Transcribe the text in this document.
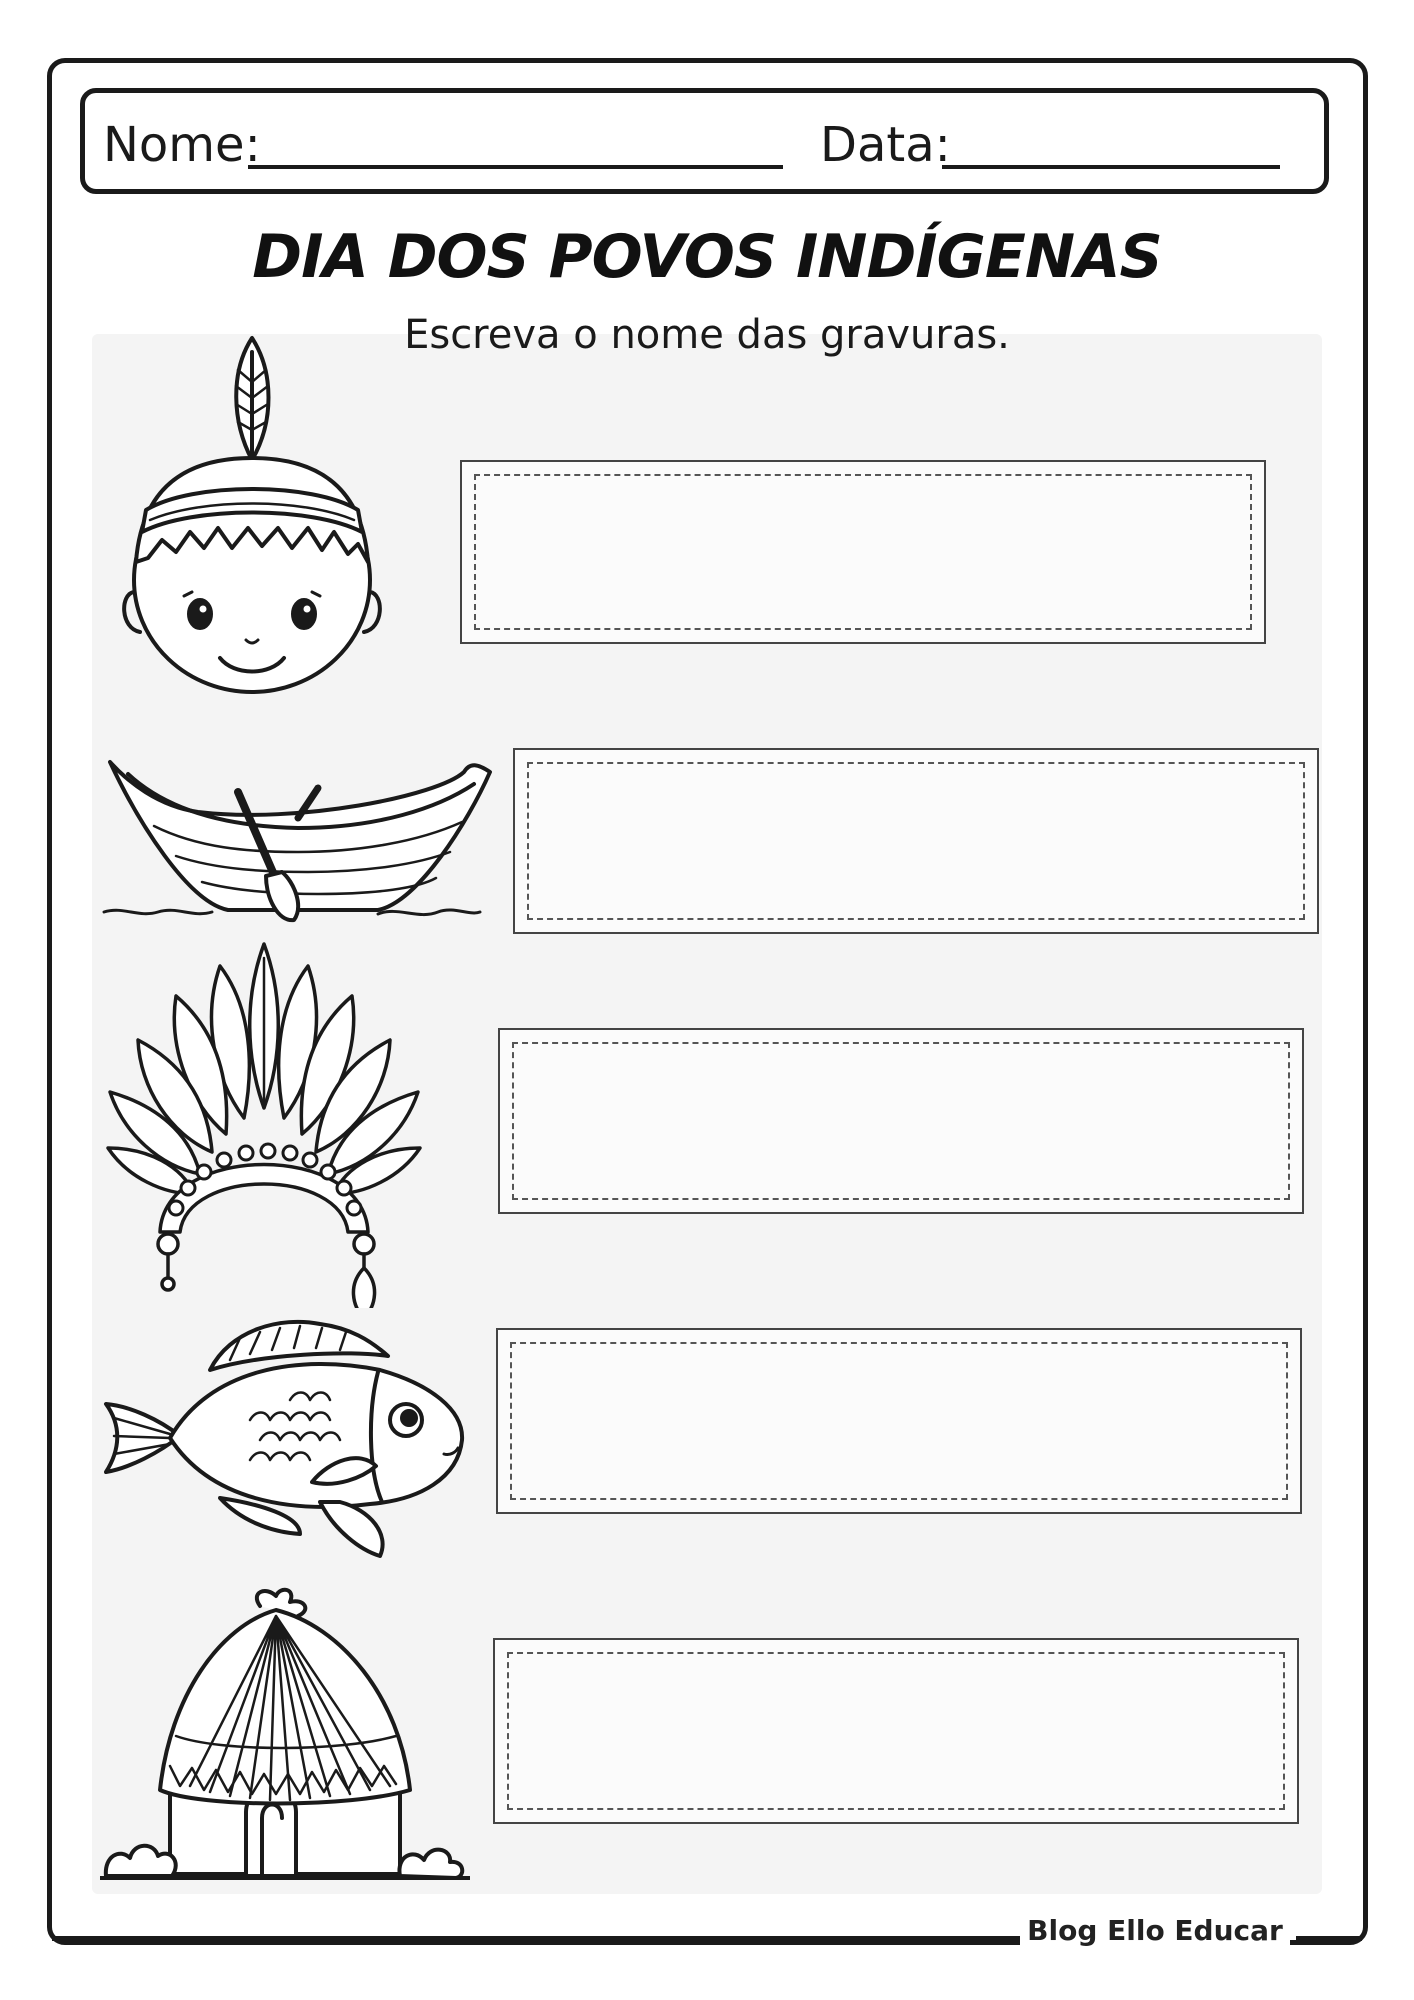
Nome:	Data:
DIA DOS POVOS INDÍGENAS
Escreva o nome das gravuras.
Blog Ello Educar
